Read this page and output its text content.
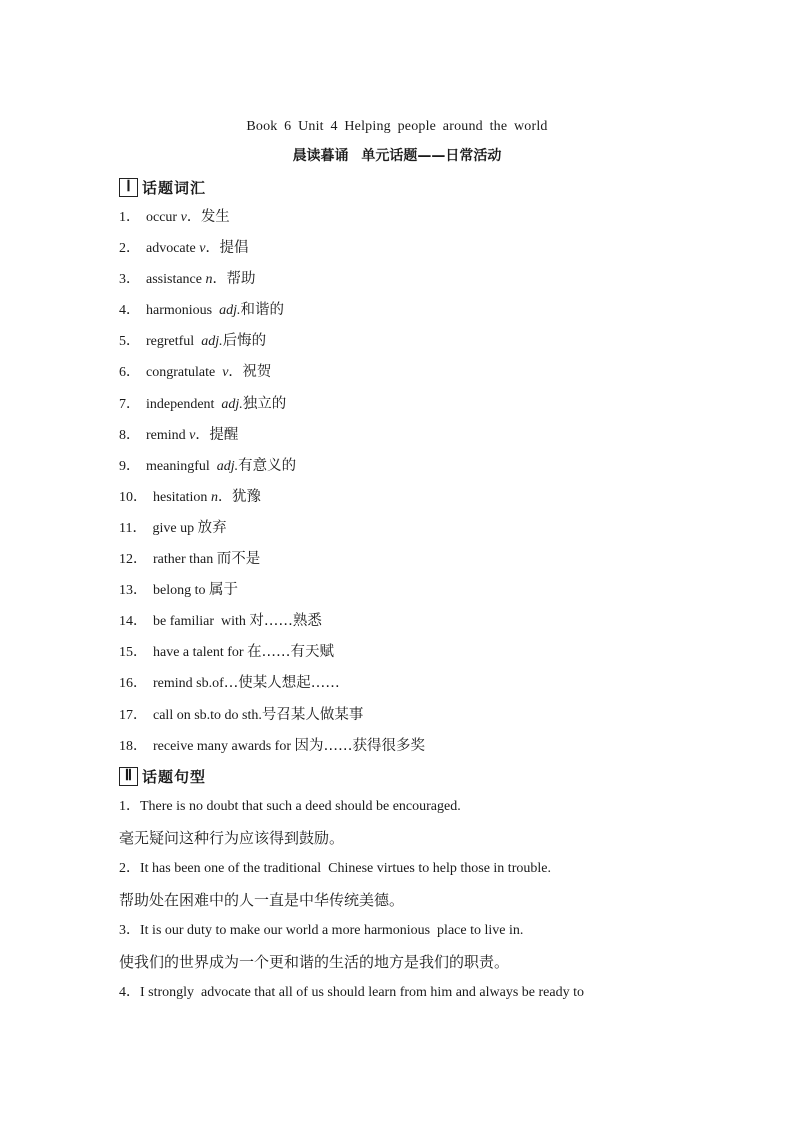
Book 6 Unit 4 Helping people around the world
晨读暮诵 单元话题——日常活动
Ⅰ 话题词汇
1． occur v．发生
2． advocate v．提倡
3． assistance n．帮助
4． harmonious  adj.和谐的
5． regretful  adj.后悔的
6． congratulate  v．祝贺
7． independent  adj.独立的
8． remind v．提醒
9． meaningful  adj.有意义的
10． hesitation n．犹豫
11． give up 放弃
12． rather than 而不是
13． belong to 属于
14． be familiar  with 对……熟悉
15． have a talent for 在……有天赋
16． remind sb.of…使某人想起……
17． call on sb.to do sth.号召某人做某事
18． receive many awards for 因为……获得很多奖
Ⅱ 话题句型
1．There is no doubt that such a deed should be encouraged.
毫无疑问这种行为应该得到鼓励。
2．It has been one of the traditional  Chinese virtues to help those in trouble.
帮助处在困难中的人一直是中华传统美德。
3．It is our duty to make our world a more harmonious  place to live in.
使我们的世界成为一个更和谐的生活的地方是我们的职责。
4．I strongly  advocate that all of us should learn from him and always be ready to
